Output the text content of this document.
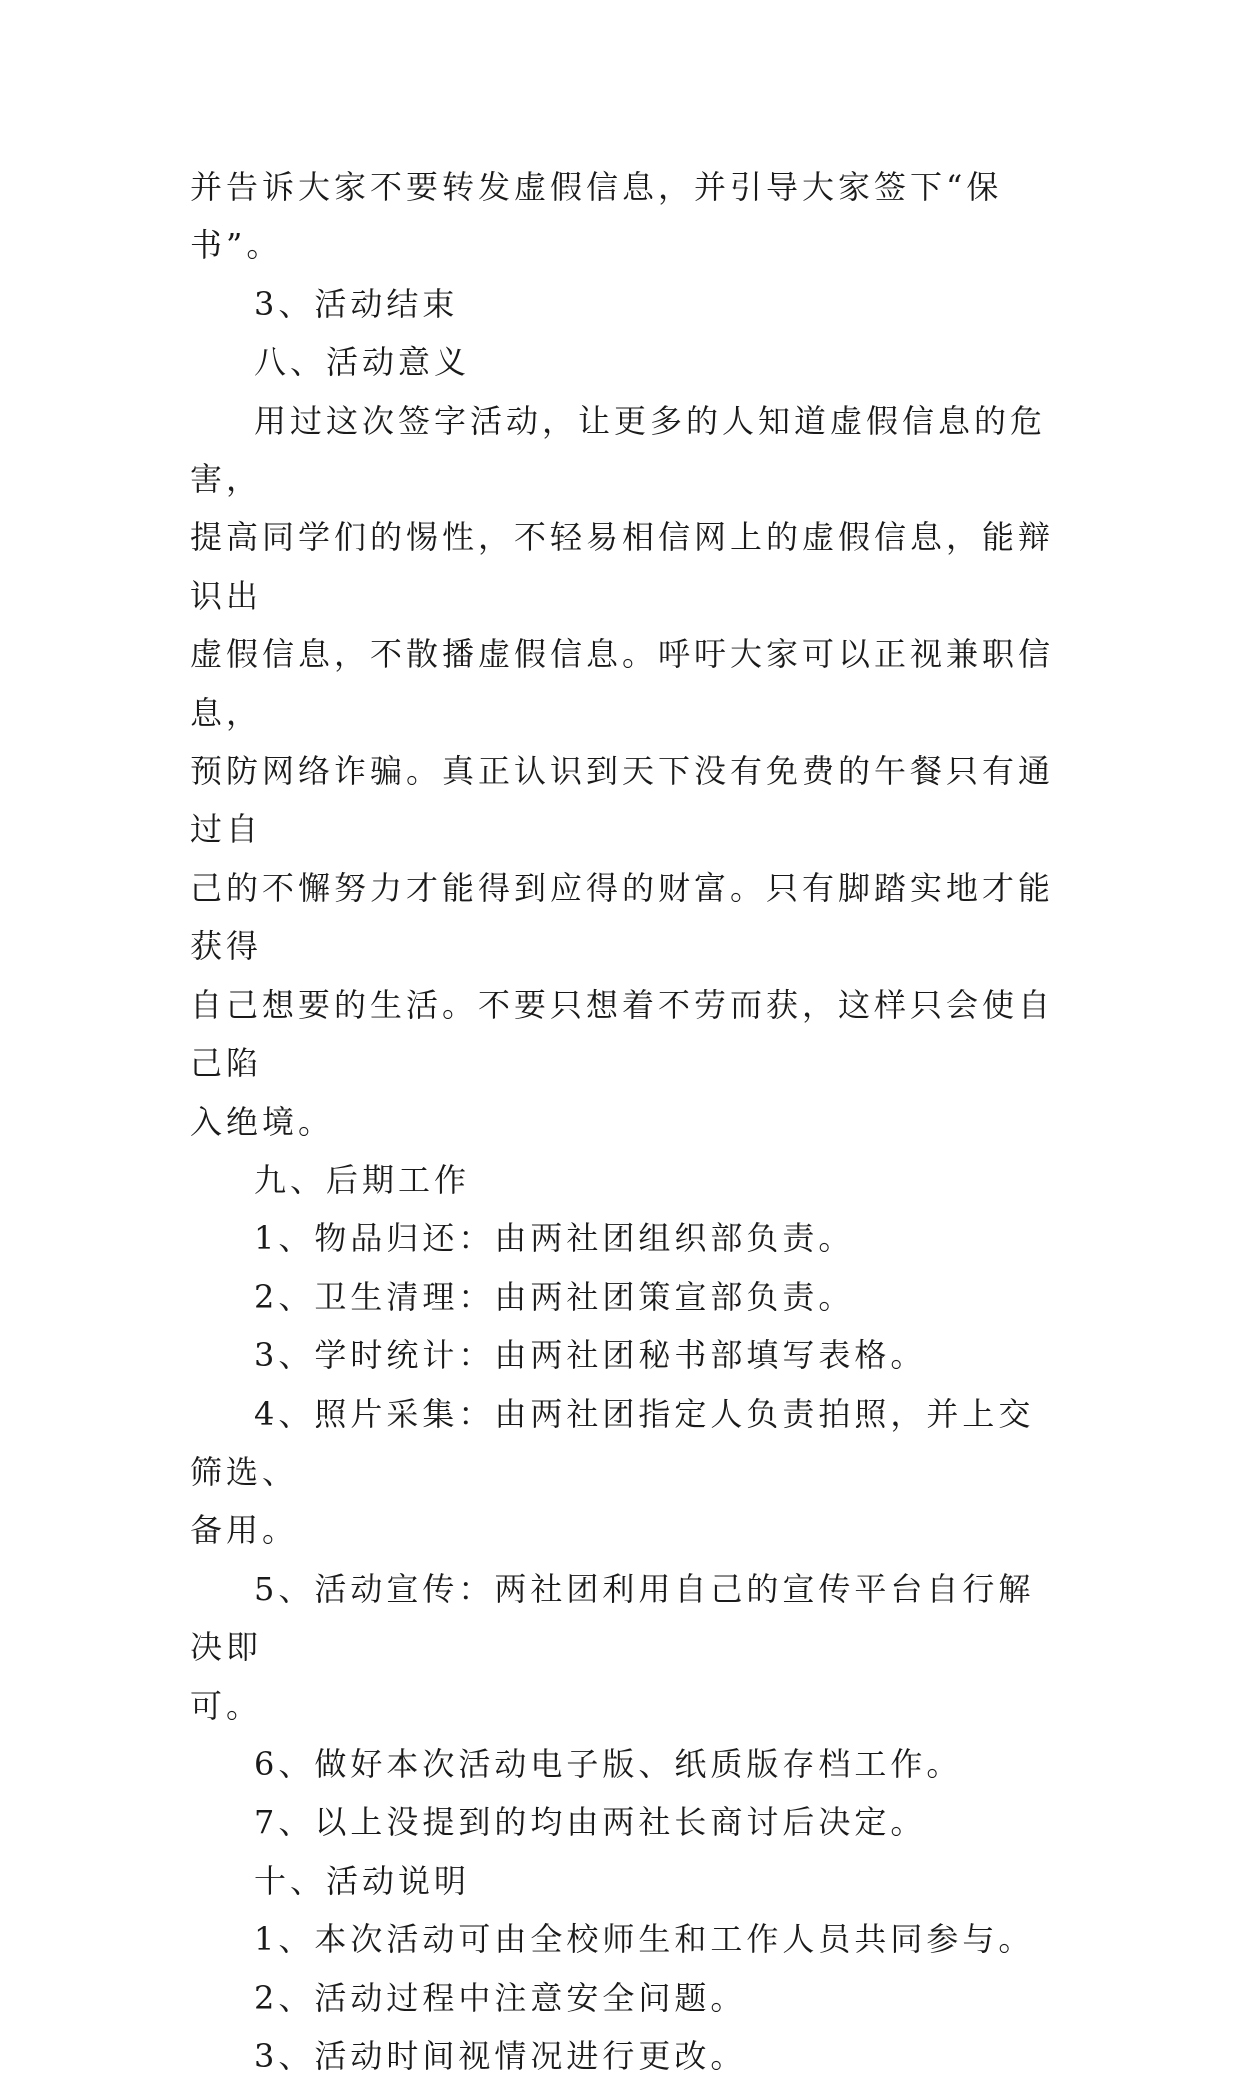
并告诉大家不要转发虚假信息，并引导大家签下“保书”。

3、活动结束

八、活动意义

用过这次签字活动，让更多的人知道虚假信息的危害，

提高同学们的惕性，不轻易相信网上的虚假信息，能辩识出

虚假信息，不散播虚假信息。呼吁大家可以正视兼职信息，

预防网络诈骗。真正认识到天下没有免费的午餐只有通过自

己的不懈努力才能得到应得的财富。只有脚踏实地才能获得

自己想要的生活。不要只想着不劳而获，这样只会使自己陷

入绝境。

九、后期工作

1、物品归还：由两社团组织部负责。

2、卫生清理：由两社团策宣部负责。

3、学时统计：由两社团秘书部填写表格。

4、照片采集：由两社团指定人负责拍照，并上交筛选、

备用。

5、活动宣传：两社团利用自己的宣传平台自行解决即

可。

6、做好本次活动电子版、纸质版存档工作。

7、以上没提到的均由两社长商讨后决定。

十、活动说明

1、本次活动可由全校师生和工作人员共同参与。

2、活动过程中注意安全问题。

3、活动时间视情况进行更改。
